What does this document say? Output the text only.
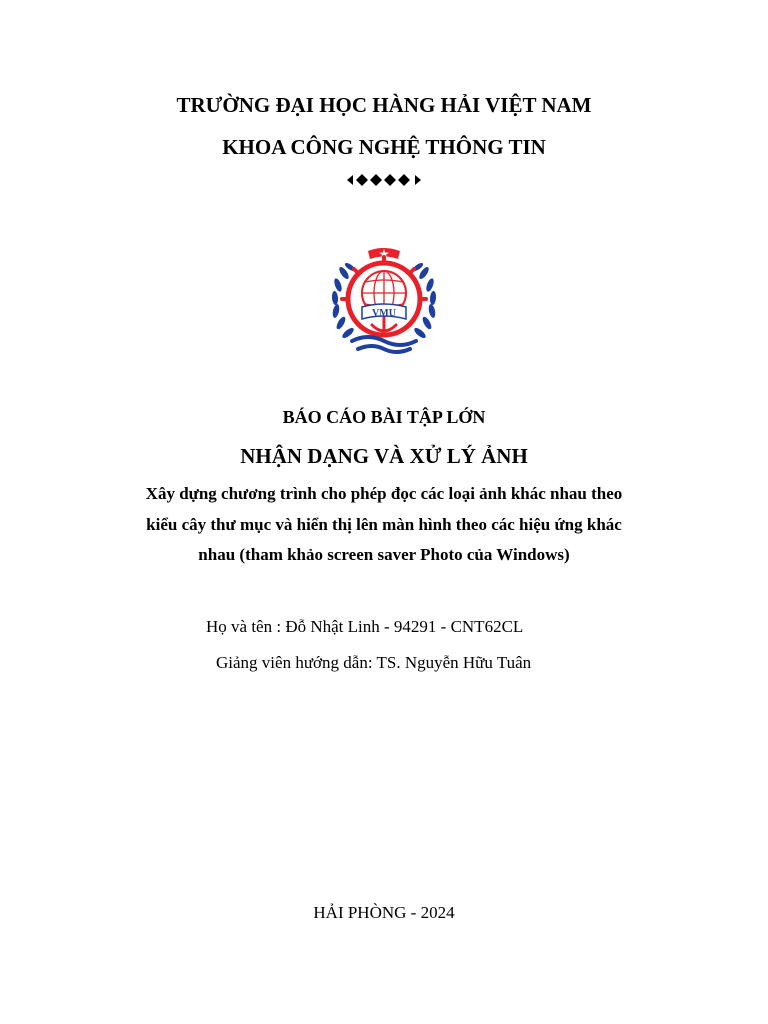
TRƯỜNG ĐẠI HỌC HÀNG HẢI VIỆT NAM
KHOA CÔNG NGHỆ THÔNG TIN
VMU
BÁO CÁO BÀI TẬP LỚN
NHẬN DẠNG VÀ XỬ LÝ ẢNH
Xây dựng chương trình cho phép đọc các loại ảnh khác nhau theo
kiểu cây thư mục và hiển thị lên màn hình theo các hiệu ứng khác
nhau (tham khảo screen saver Photo của Windows)
Họ và tên : Đỗ Nhật Linh - 94291 - CNT62CL
Giảng viên hướng dẫn: TS. Nguyễn Hữu Tuân
HẢI PHÒNG - 2024
